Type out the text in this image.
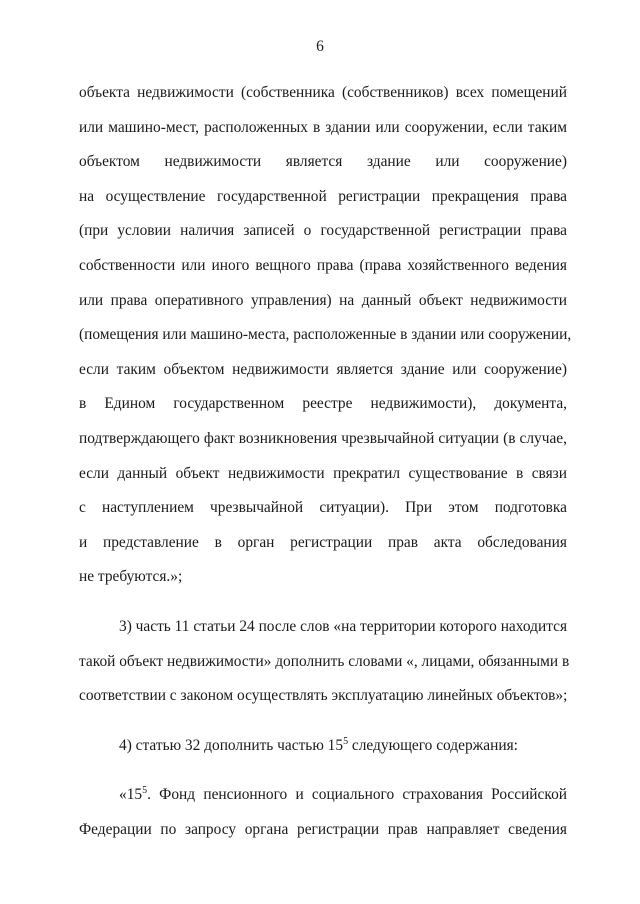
6

объекта недвижимости (собственника (собственников) всех помещений
или машино-мест, расположенных в здании или сооружении, если таким
объектом недвижимости является здание или сооружение)
на осуществление государственной регистрации прекращения права
(при условии наличия записей о государственной регистрации права
собственности или иного вещного права (права хозяйственного ведения
или права оперативного управления) на данный объект недвижимости
(помещения или машино-места, расположенные в здании или сооружении,
если таким объектом недвижимости является здание или сооружение)
в Едином государственном реестре недвижимости), документа,
подтверждающего факт возникновения чрезвычайной ситуации (в случае,
если данный объект недвижимости прекратил существование в связи
с наступлением чрезвычайной ситуации). При этом подготовка
и представление в орган регистрации прав акта обследования
не требуются.»;

3) часть 11 статьи 24 после слов «на территории которого находится
такой объект недвижимости» дополнить словами «, лицами, обязанными в
соответствии с законом осуществлять эксплуатацию линейных объектов»;

4) статью 32 дополнить частью $15^5$ следующего содержания:

«$15^5$. Фонд пенсионного и социального страхования Российской
Федерации по запросу органа регистрации прав направляет сведения
